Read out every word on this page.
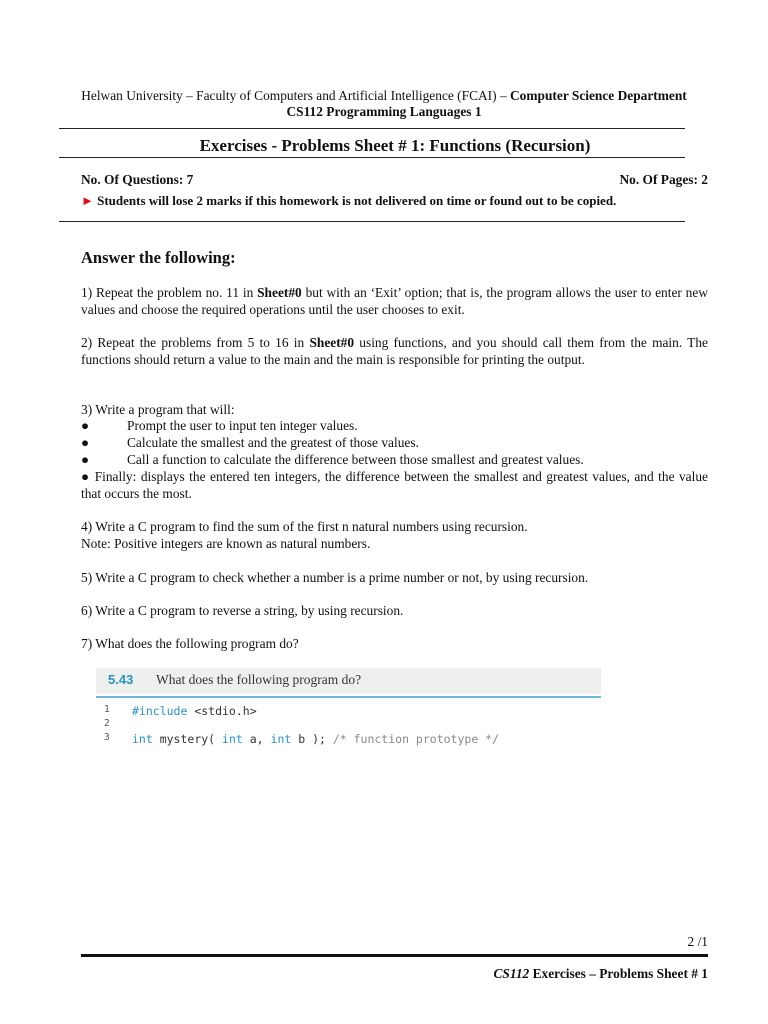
Helwan University – Faculty of Computers and Artificial Intelligence (FCAI) – Computer Science Department
CS112 Programming Languages 1
Exercises - Problems Sheet # 1: Functions (Recursion)
No. Of Questions: 7	No. Of Pages: 2
► Students will lose 2 marks if this homework is not delivered on time or found out to be copied.
Answer the following:
1) Repeat the problem no. 11 in Sheet#0 but with an ‘Exit’ option; that is, the program allows the user to enter new values and choose the required operations until the user chooses to exit.
2) Repeat the problems from 5 to 16 in Sheet#0 using functions, and you should call them from the main. The functions should return a value to the main and the main is responsible for printing the output.
3) Write a program that will:
●	Prompt the user to input ten integer values.
●	Calculate the smallest and the greatest of those values.
●	Call a function to calculate the difference between those smallest and greatest values.
● Finally: displays the entered ten integers, the difference between the smallest and greatest values, and the value that occurs the most.
4) Write a C program to find the sum of the first n natural numbers using recursion.
Note: Positive integers are known as natural numbers.
5) Write a C program to check whether a number is a prime number or not, by using recursion.
6) Write a C program to reverse a string, by using recursion.
7) What does the following program do?
5.43 What does the following program do?
1 #include <stdio.h>
2
3 int mystery( int a, int b ); /* function prototype */
2 /1
CS112 Exercises – Problems Sheet # 1
